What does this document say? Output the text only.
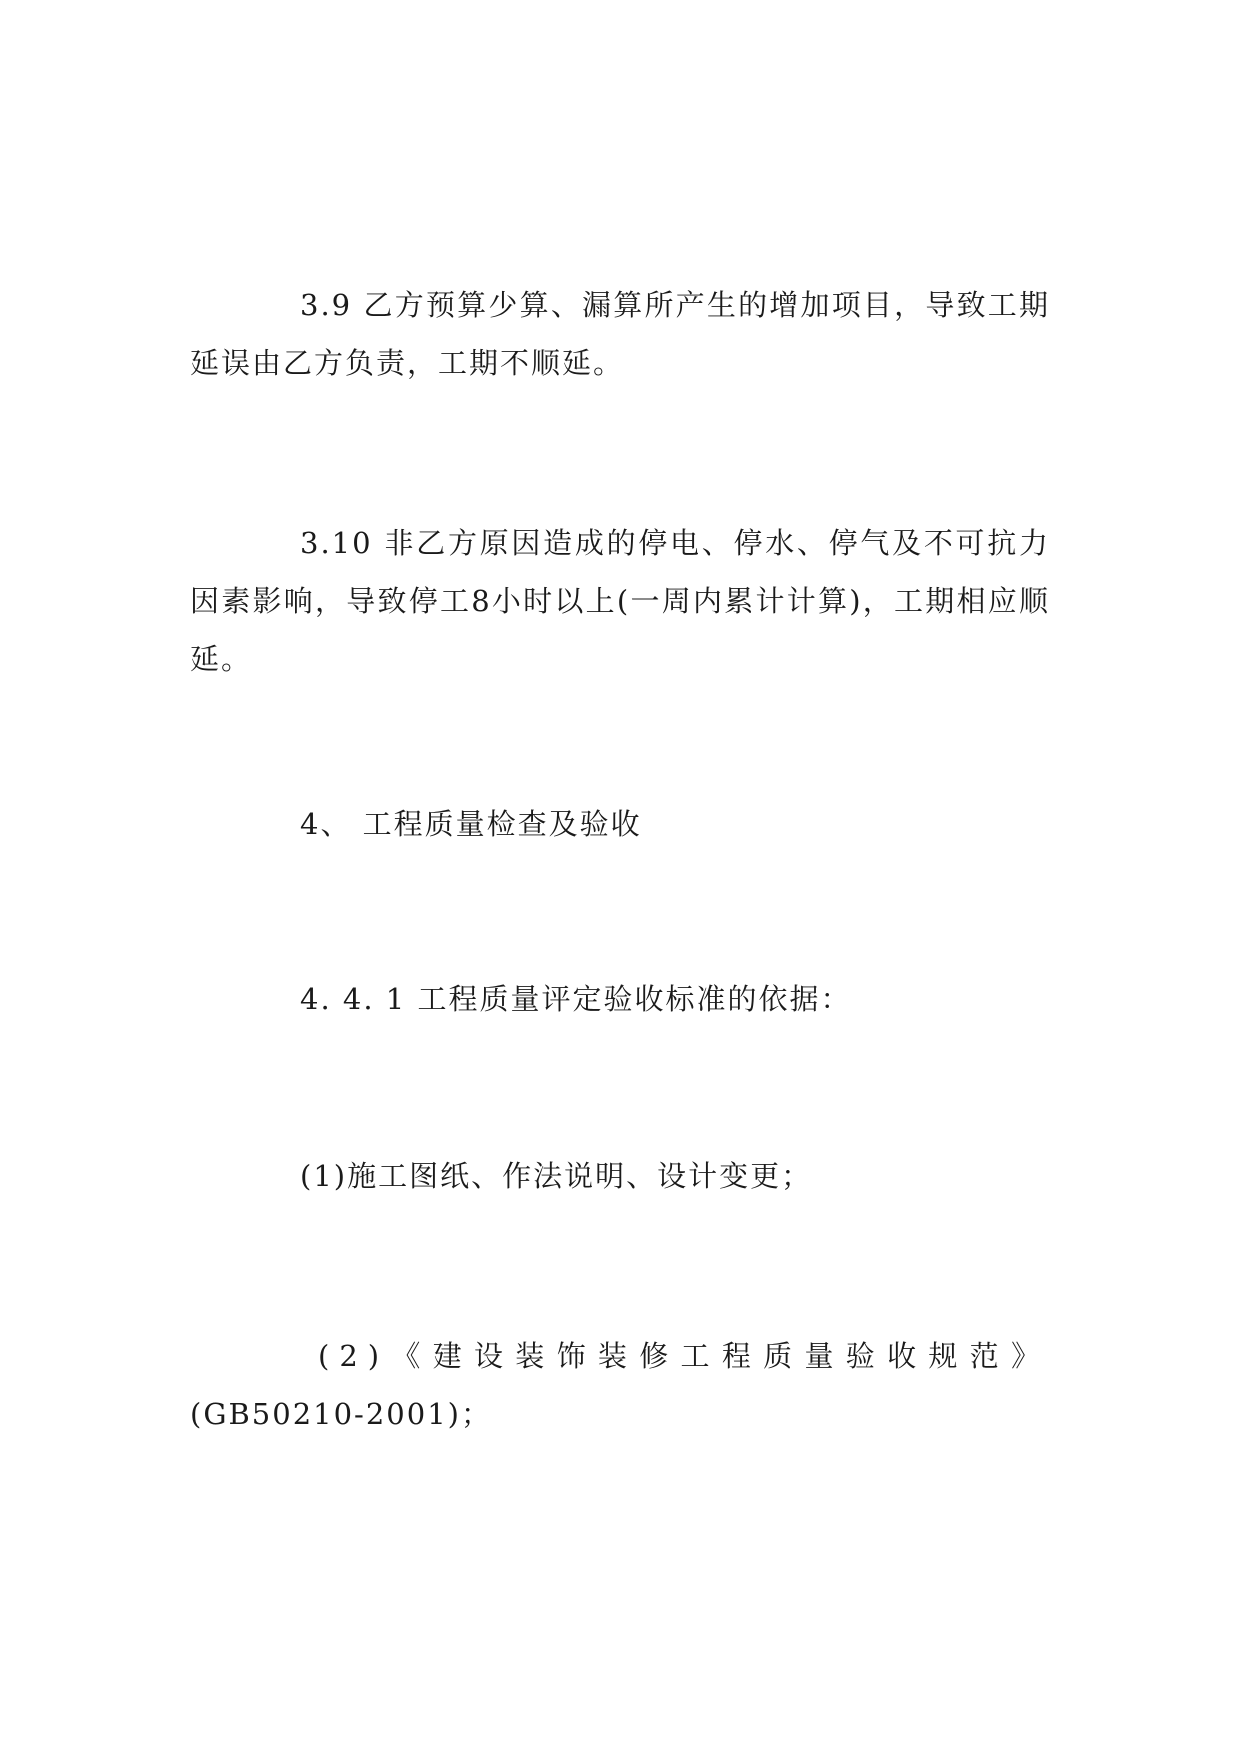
3.9 乙方预算少算、漏算所产生的增加项目，导致工期延误由乙方负责，工期不顺延。

3.10 非乙方原因造成的停电、停水、停气及不可抗力因素影响，导致停工8小时以上(一周内累计计算)，工期相应顺延。

4、 工程质量检查及验收

4. 4. 1 工程质量评定验收标准的依据：

(1)施工图纸、作法说明、设计变更；

(2)《建设装饰装修工程质量验收规范》
(GB50210-2001)；
